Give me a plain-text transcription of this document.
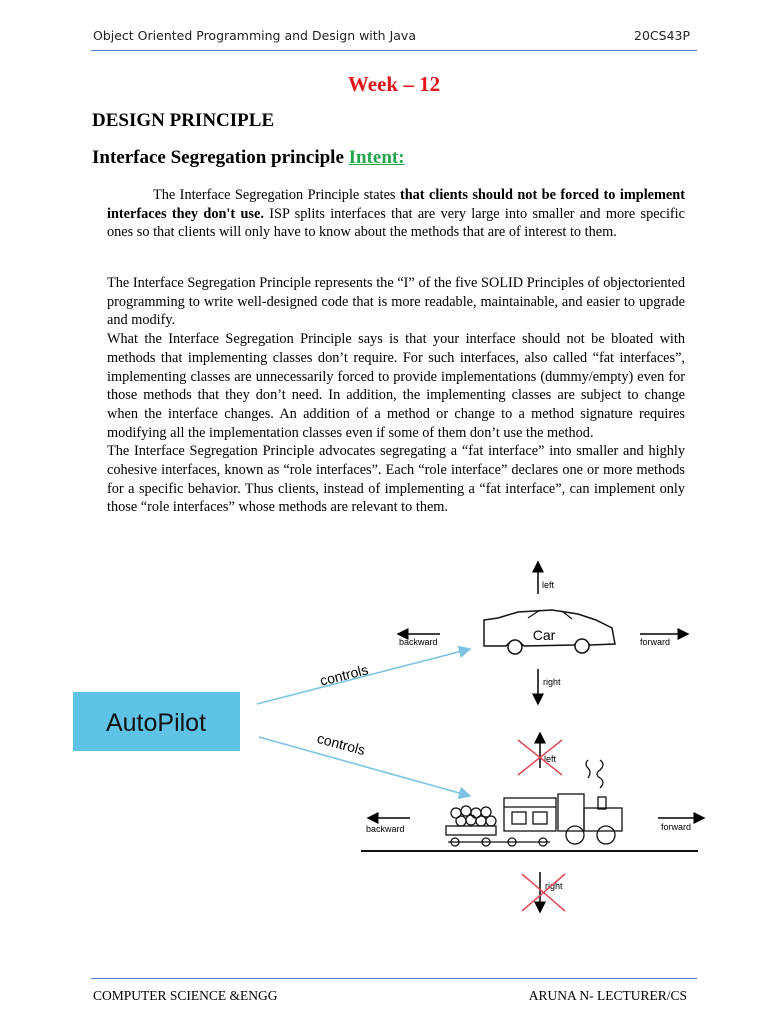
Object Oriented Programming and Design with Java	20CS43P
Week – 12
DESIGN PRINCIPLE
Interface Segregation principle Intent:
The Interface Segregation Principle states that clients should not be forced to implement interfaces they don't use. ISP splits interfaces that are very large into smaller and more specific ones so that clients will only have to know about the methods that are of interest to them.
The Interface Segregation Principle represents the “I” of the five SOLID Principles of objectoriented programming to write well-designed code that is more readable, maintainable, and easier to upgrade and modify.
What the Interface Segregation Principle says is that your interface should not be bloated with methods that implementing classes don’t require. For such interfaces, also called “fat interfaces”, implementing classes are unnecessarily forced to provide implementations (dummy/empty) even for those methods that they don’t need. In addition, the implementing classes are subject to change when the interface changes. An addition of a method or change to a method signature requires modifying all the implementation classes even if some of them don’t use the method.
The Interface Segregation Principle advocates segregating a “fat interface” into smaller and highly cohesive interfaces, known as “role interfaces”. Each “role interface” declares one or more methods for a specific behavior. Thus clients, instead of implementing a “fat interface”, can implement only those “role interfaces” whose methods are relevant to them.
AutoPilot
controls
controls
Car
left
right
backward	forward
left
right
backward	forward
COMPUTER SCIENCE &ENGG	ARUNA N- LECTURER/CS
